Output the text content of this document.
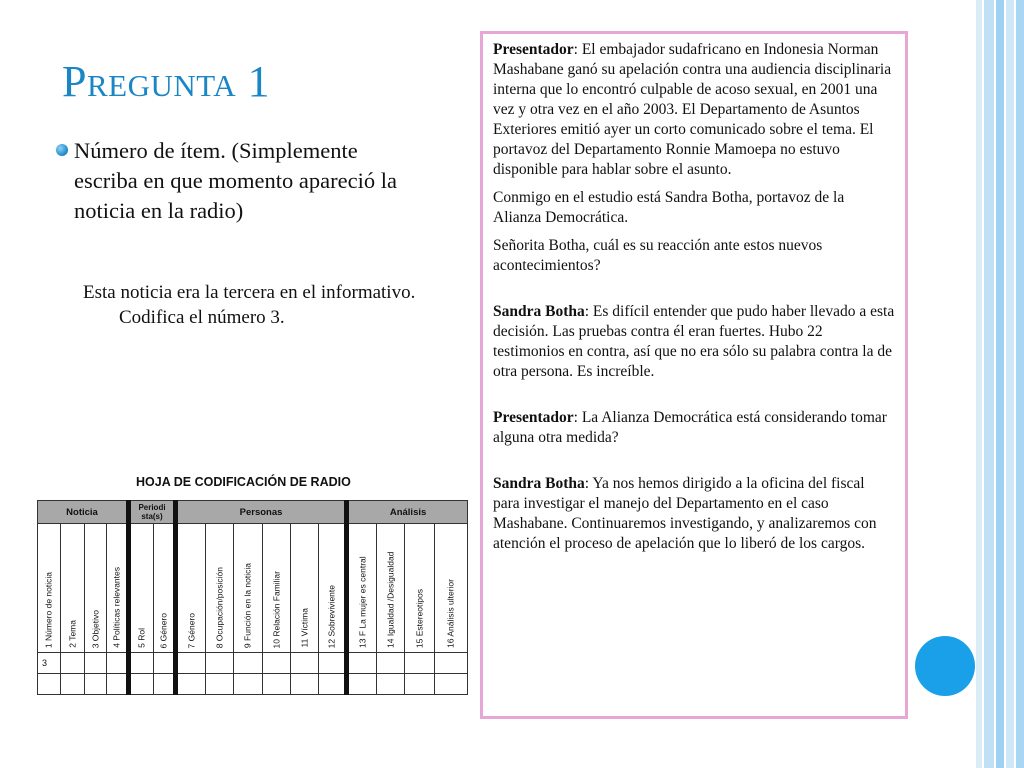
Pregunta 1
Número de ítem. (Simplemente escriba en que momento apareció la noticia en la radio)
Esta noticia era la tercera en el informativo. Codifica el número 3.
HOJA DE CODIFICACIÓN DE RADIO
Noticia				Periodi sta(s)		Personas						Análisis			

1 Número de noticia	2 Tema	3 Objetivo	4 Políticas relevantes	5 Rol	6 Género	7 Género	8 Ocupación/posición	9 Función en la noticia	10 Relación Familiar	11 Víctima	12 Sobreviviente	13 F La mujer es central	14 Igualdad /Desigualdad	15 Estereotipos	16 Análisis ulterior

3															

Presentador: El embajador sudafricano en Indonesia Norman Mashabane ganó su apelación contra una audiencia disciplinaria interna que lo encontró culpable de acoso sexual, en 2001 una vez y otra vez en el año 2003. El Departamento de Asuntos Exteriores emitió ayer un corto comunicado sobre el tema. El portavoz del Departamento Ronnie Mamoepa no estuvo disponible para hablar sobre el asunto.

Conmigo en el estudio está Sandra Botha, portavoz de la Alianza Democrática.

Señorita Botha, cuál es su reacción ante estos nuevos acontecimientos?

Sandra Botha: Es difícil entender que pudo haber llevado a esta decisión. Las pruebas contra él eran fuertes. Hubo 22 testimonios en contra, así que no era sólo su palabra contra la de otra persona. Es increíble.

Presentador: La Alianza Democrática está considerando tomar alguna otra medida?

Sandra Botha: Ya nos hemos dirigido a la oficina del fiscal para investigar el manejo del Departamento en el caso Mashabane. Continuaremos investigando, y analizaremos con atención el proceso de apelación que lo liberó de los cargos.
